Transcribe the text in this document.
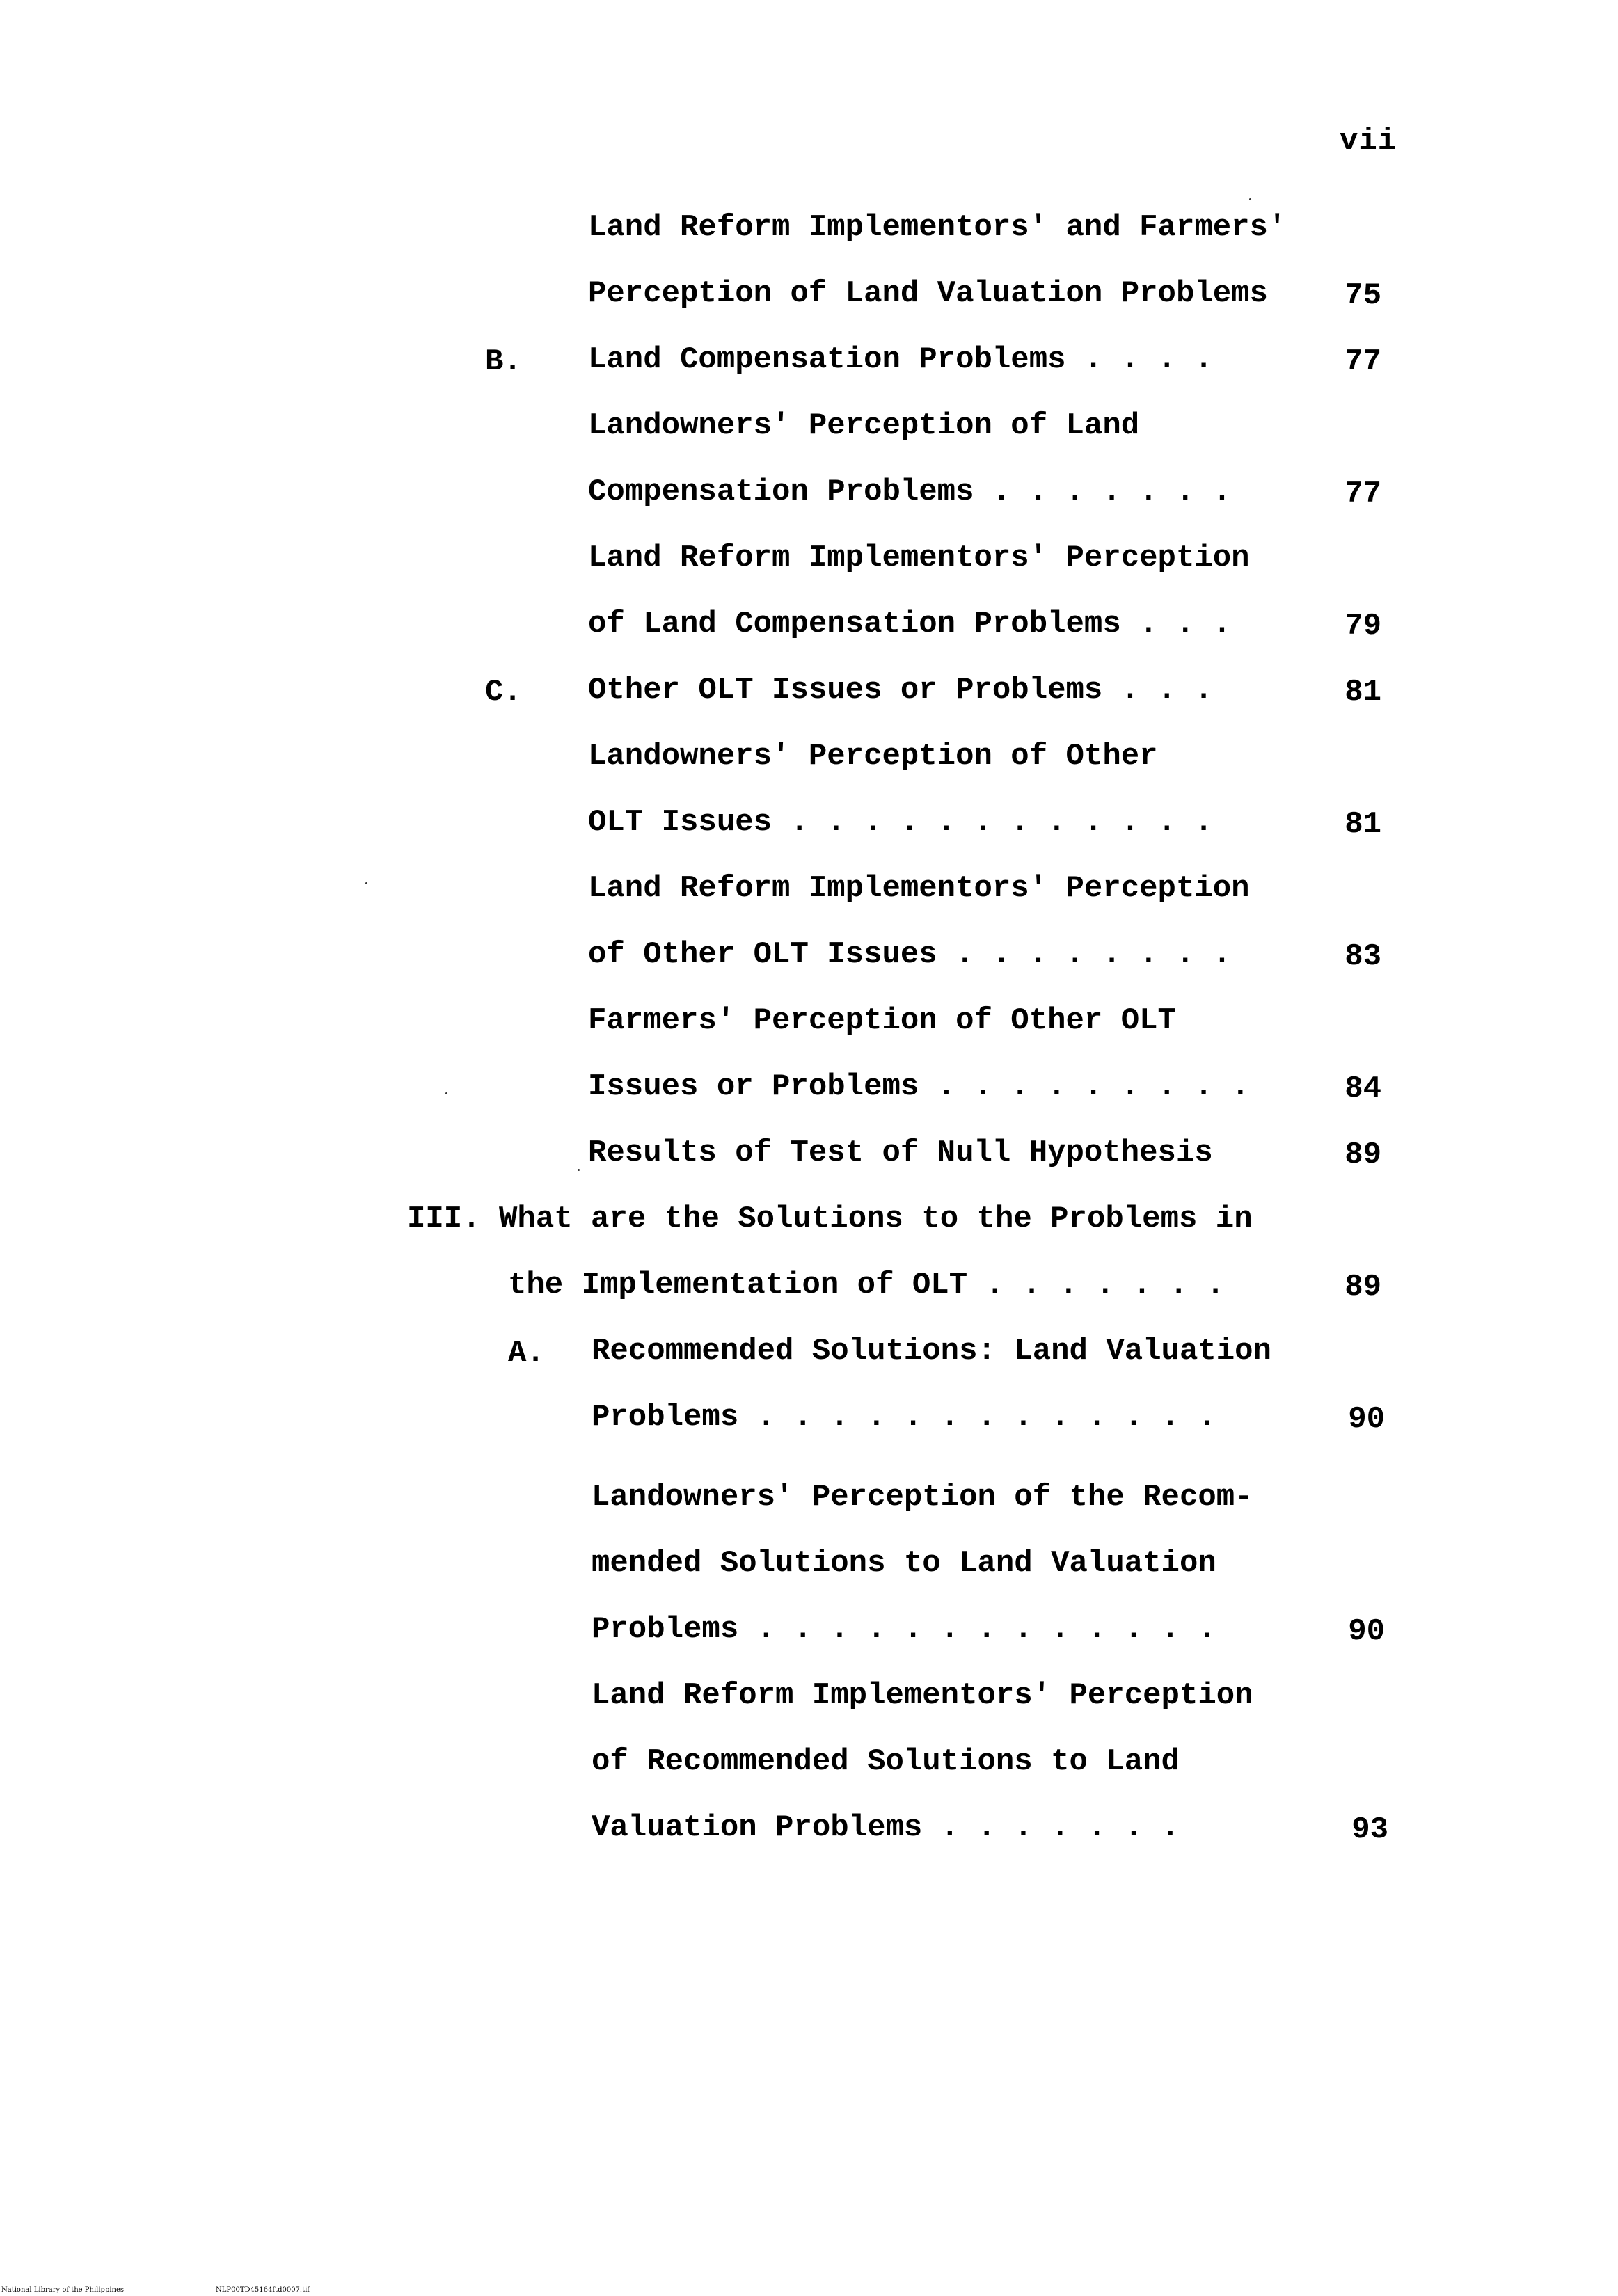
vii
Land Reform Implementors' and Farmers'
Perception of Land Valuation Problems	75
B. Land Compensation Problems . . . .	77
Landowners' Perception of Land
Compensation Problems . . . . . . .	77
Land Reform Implementors' Perception
of Land Compensation Problems . . .	79
C. Other OLT Issues or Problems . . .	81
Landowners' Perception of Other
OLT Issues . . . . . . . . . . . .	81
Land Reform Implementors' Perception
of Other OLT Issues . . . . . . . .	83
Farmers' Perception of Other OLT
Issues or Problems . . . . . . . . .	84
Results of Test of Null Hypothesis	89
III. What are the Solutions to the Problems in
the Implementation of OLT . . . . . . .	89
A. Recommended Solutions: Land Valuation
Problems . . . . . . . . . . . . .	90
Landowners' Perception of the Recom-
mended Solutions to Land Valuation
Problems . . . . . . . . . . . . .	90
Land Reform Implementors' Perception
of Recommended Solutions to Land
Valuation Problems . . . . . . .	93
National Library of the Philippines	NLP00TD45164ftd0007.tif
